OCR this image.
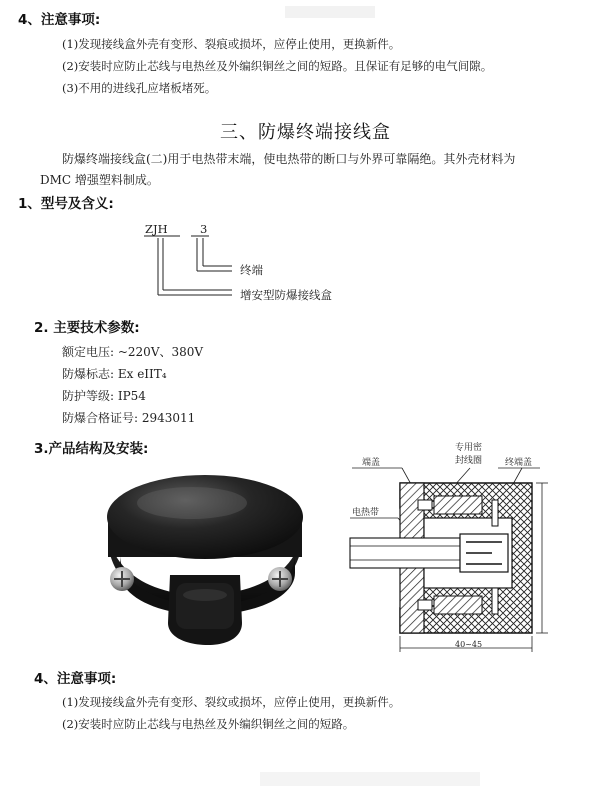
4、注意事项:
(1)发现接线盒外壳有变形、裂痕或损坏，应停止使用，更换新件。
(2)安装时应防止芯线与电热丝及外编织铜丝之间的短路。且保证有足够的电气间隙。
(3)不用的进线孔应堵板堵死。
三、防爆终端接线盒
防爆终端接线盒(二)用于电热带末端，使电热带的断口与外界可靠隔绝。其外壳材料为
DMC 增强塑料制成。
1、型号及含义:
ZJH	3
终端
增安型防爆接线盒
2. 主要技术参数:
额定电压: ~220V、380V
防爆标志: Ex eIIT₄
防护等级: IP54
防爆合格证号: 2943011
3.产品结构及安装:	专用密
封线圈
端盖	终端盖
电热带
40~45
4、注意事项:
(1)发现接线盒外壳有变形、裂纹或损坏，应停止使用，更换新件。
(2)安装时应防止芯线与电热丝及外编织铜丝之间的短路。
